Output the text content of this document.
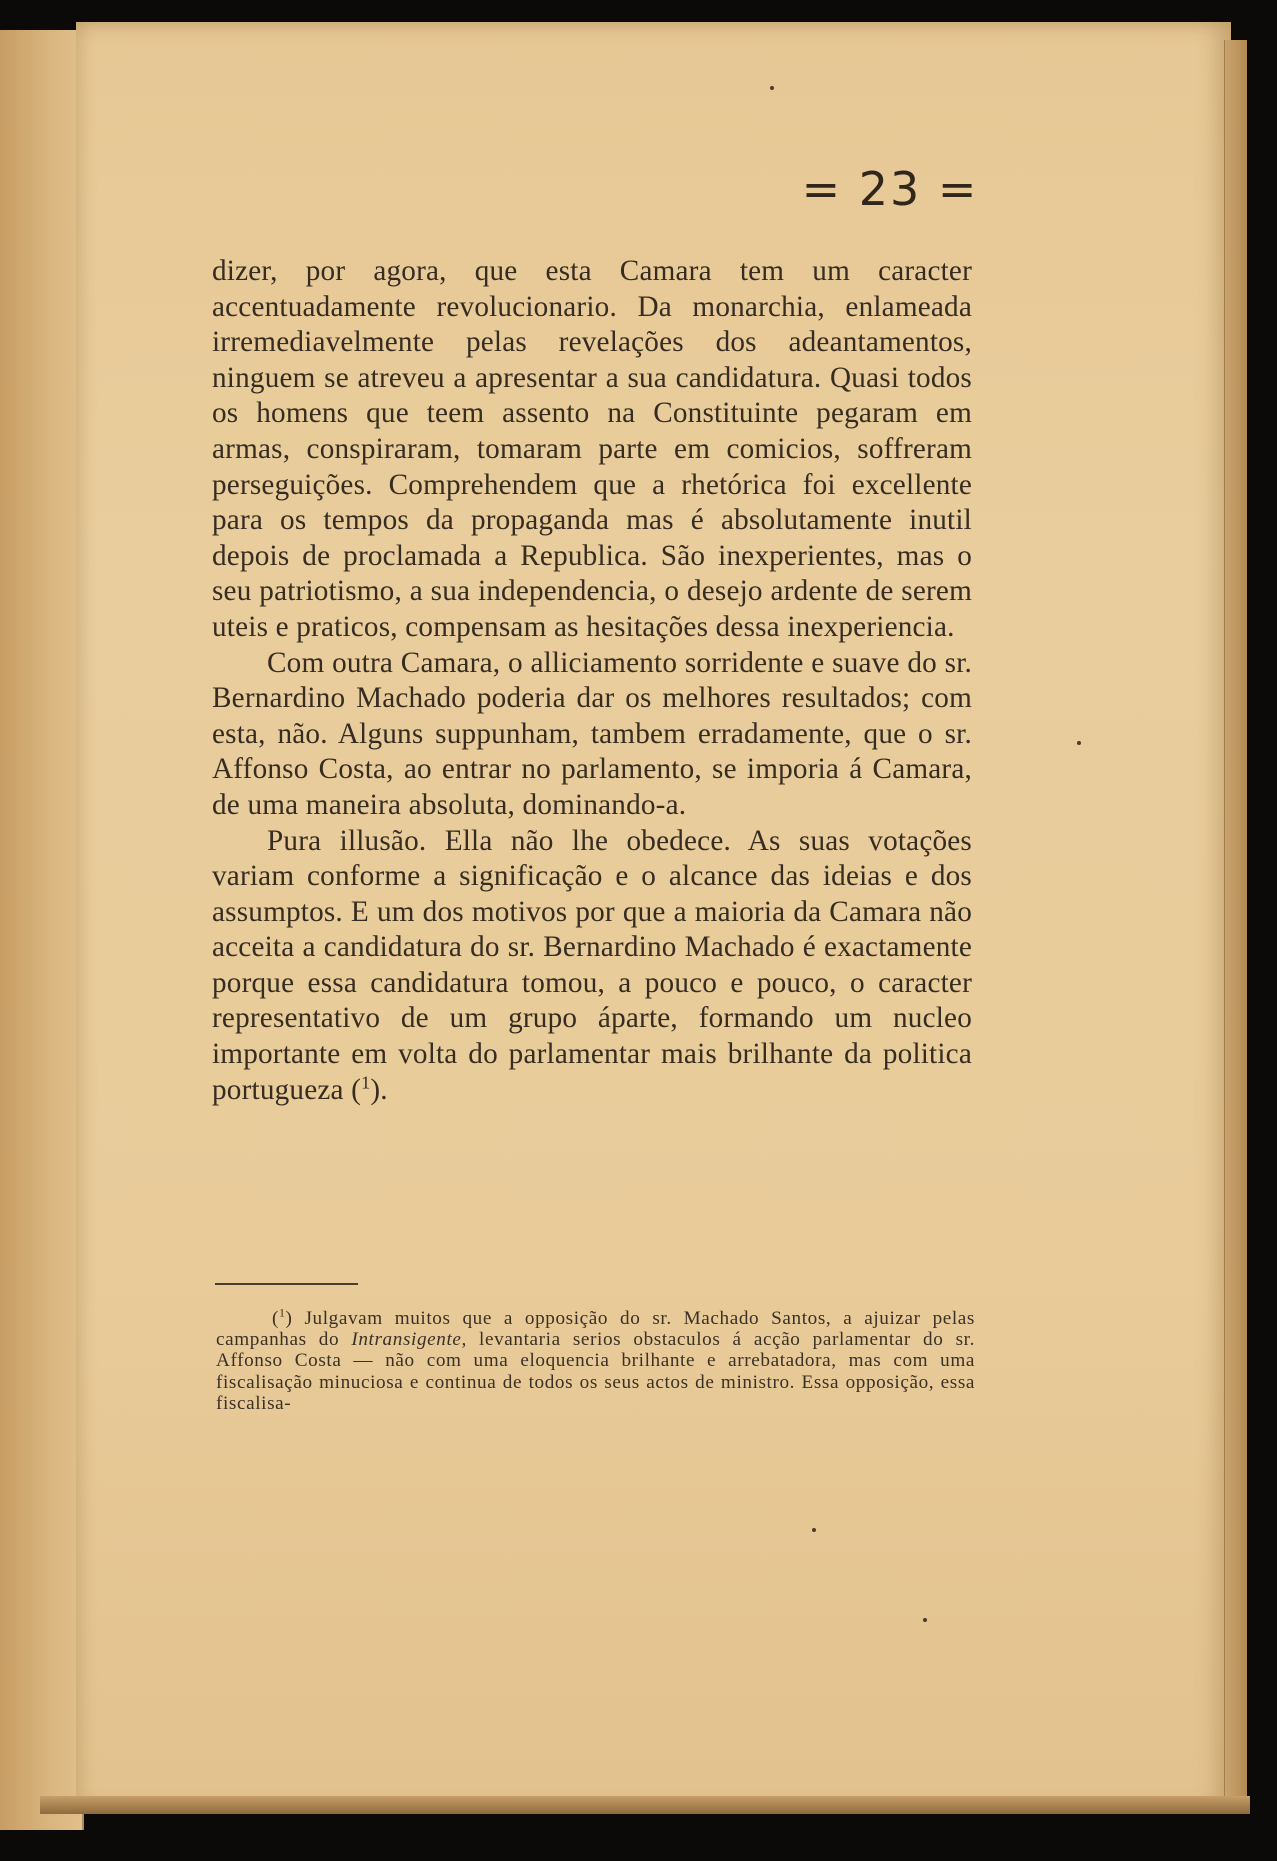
= 23 =

dizer, por agora, que esta Camara tem um caracter accentuadamente revolucionario. Da monarchia, enlameada irremediavelmente pelas revelações dos adeantamentos, ninguem se atreveu a apresentar a sua candidatura. Quasi todos os homens que teem assento na Constituinte pegaram em armas, conspiraram, tomaram parte em comicios, soffreram perseguições. Comprehendem que a rhetórica foi excellente para os tempos da propaganda mas é absolutamente inutil depois de proclamada a Republica. São inexperientes, mas o seu patriotismo, a sua independencia, o desejo ardente de serem uteis e praticos, compensam as hesitações dessa inexperiencia.

Com outra Camara, o alliciamento sorridente e suave do sr. Bernardino Machado poderia dar os melhores resultados; com esta, não. Alguns suppunham, tambem erradamente, que o sr. Affonso Costa, ao entrar no parlamento, se imporia á Camara, de uma maneira absoluta, dominando-a.

Pura illusão. Ella não lhe obedece. As suas votações variam conforme a significação e o alcance das ideias e dos assumptos. E um dos motivos por que a maioria da Camara não acceita a candidatura do sr. Bernardino Machado é exactamente porque essa candidatura tomou, a pouco e pouco, o caracter representativo de um grupo áparte, formando um nucleo importante em volta do parlamentar mais brilhante da politica portugueza ($^1$).

($^1$) Julgavam muitos que a opposição do sr. Machado Santos, a ajuizar pelas campanhas do Intransigente, levantaria serios obstaculos á acção parlamentar do sr. Affonso Costa — não com uma eloquencia brilhante e arrebatadora, mas com uma fiscalisação minuciosa e continua de todos os seus actos de ministro. Essa opposição, essa fiscalisa-
